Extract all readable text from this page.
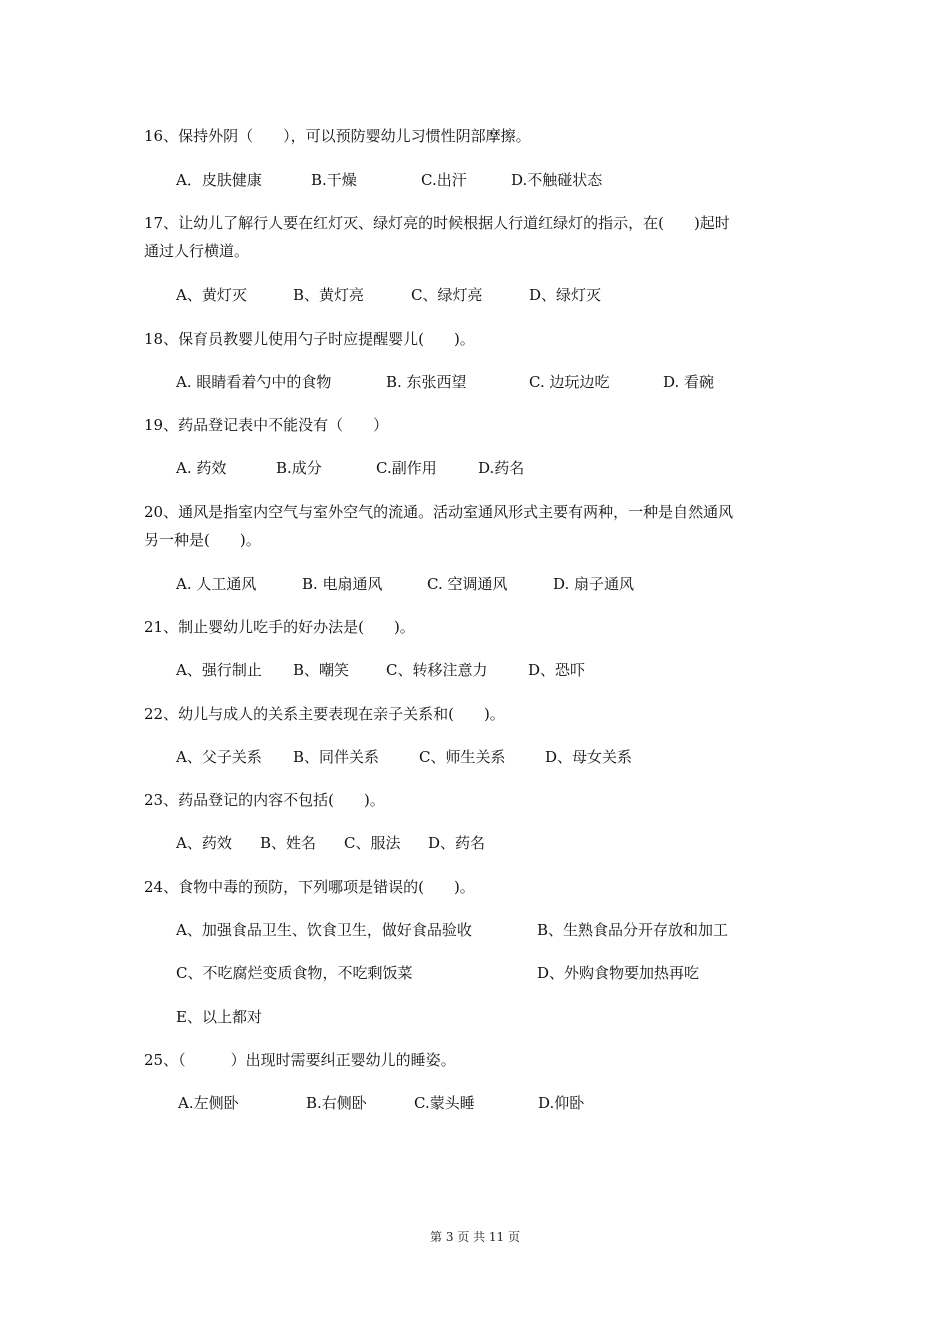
16、保持外阴（　　），可以预防婴幼儿习惯性阴部摩擦。
A．皮肤健康	B.干燥	C.出汗	D.不触碰状态
17、让幼儿了解行人要在红灯灭、绿灯亮的时候根据人行道红绿灯的指示，在(　　)起时
通过人行横道。
A、黄灯灭	B、黄灯亮	C、绿灯亮	D、绿灯灭
18、保育员教婴儿使用勺子时应提醒婴儿(　　)。
A. 眼睛看着勺中的食物	B. 东张西望	C. 边玩边吃	D. 看碗
19、药品登记表中不能没有（　　）
A. 药效	B.成分	C.副作用	D.药名
20、通风是指室内空气与室外空气的流通。活动室通风形式主要有两种，一种是自然通风
另一种是(　　)。
A. 人工通风	B. 电扇通风	C. 空调通风	D. 扇子通风
21、制止婴幼儿吃手的好办法是(　　)。
A、强行制止 B、嘲笑 C、转移注意力	D、恐吓
22、幼儿与成人的关系主要表现在亲子关系和(　　)。
A、父子关系 B、同伴关系	C、师生关系	D、母女关系
23、药品登记的内容不包括(　　)。
A、药效 B、姓名 C、服法 D、药名
24、食物中毒的预防，下列哪项是错误的(　　)。
A、加强食品卫生、饮食卫生，做好食品验收	B、生熟食品分开存放和加工
C、不吃腐烂变质食物，不吃剩饭菜	D、外购食物要加热再吃
E、以上都对
25、（　　　）出现时需要纠正婴幼儿的睡姿。
A.左侧卧	B.右侧卧	C.蒙头睡	D.仰卧
第 3 页 共 11 页
